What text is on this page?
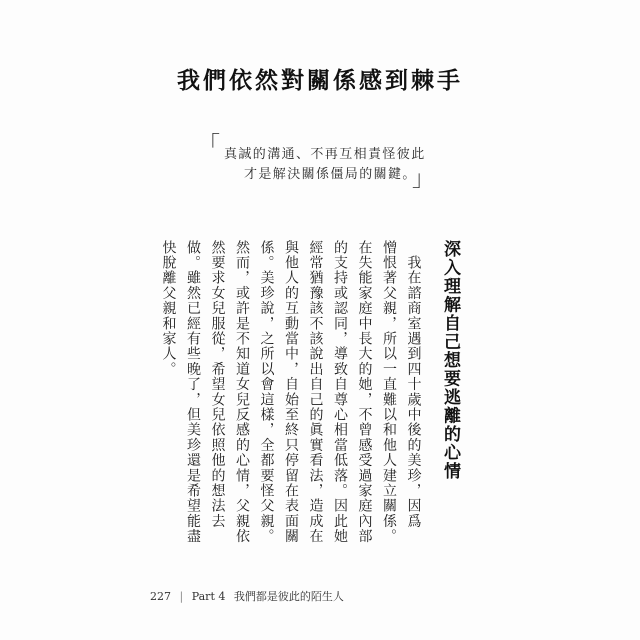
我們依然對關係感到棘手
「 真誠的溝通、不再互相責怪彼此
才是解決關係僵局的關鍵。
」
深入理解自己想要逃離的心情

　我在諮商室遇到四十歲中後的美珍，因爲

憎恨著父親，所以一直難以和他人建立關係。

在失能家庭中長大的她，不曾感受過家庭內部

的支持或認同，導致自尊心相當低落。因此她

經常猶豫該不該說出自己的眞實看法，造成在

與他人的互動當中，自始至終只停留在表面關

係。美珍說，之所以會這樣，全都要怪父親。

然而，或許是不知道女兒反感的心情，父親依

然要求女兒服從，希望女兒依照他的想法去

做。雖然已經有些晚了，但美珍還是希望能盡

快脫離父親和家人。

227 | Part 4 我們都是彼此的陌生人
